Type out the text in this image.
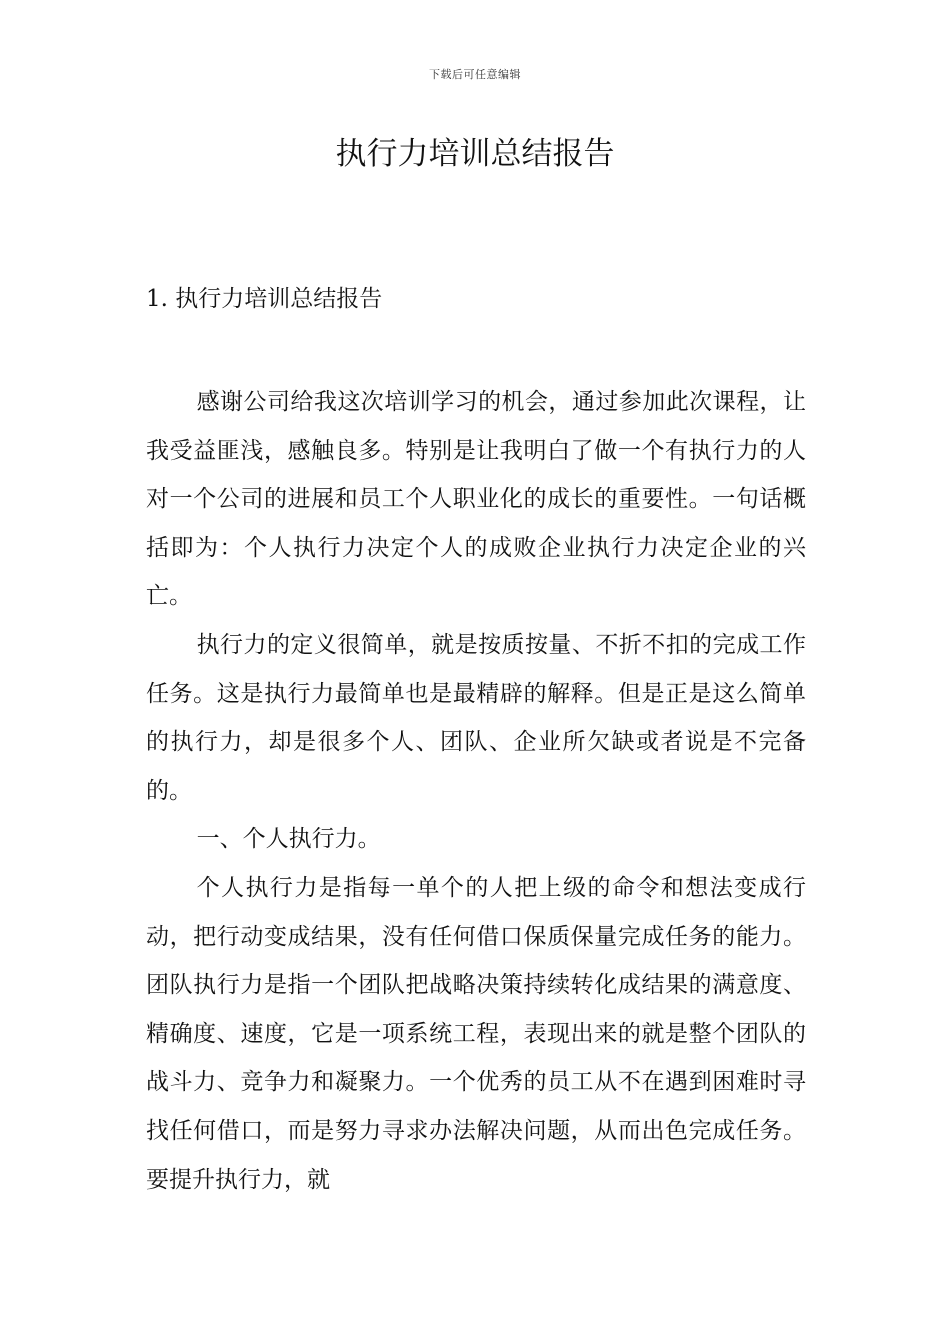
下载后可任意编辑
执行力培训总结报告
1. 执行力培训总结报告

感谢公司给我这次培训学习的机会，通过参加此次课程，让我受益匪浅，感触良多。特别是让我明白了做一个有执行力的人对一个公司的进展和员工个人职业化的成长的重要性。一句话概括即为：个人执行力决定个人的成败企业执行力决定企业的兴亡。

执行力的定义很简单，就是按质按量、不折不扣的完成工作任务。这是执行力最简单也是最精辟的解释。但是正是这么简单的执行力，却是很多个人、团队、企业所欠缺或者说是不完备的。

一、个人执行力。

个人执行力是指每一单个的人把上级的命令和想法变成行动，把行动变成结果，没有任何借口保质保量完成任务的能力。团队执行力是指一个团队把战略决策持续转化成结果的满意度、精确度、速度，它是一项系统工程，表现出来的就是整个团队的战斗力、竞争力和凝聚力。一个优秀的员工从不在遇到困难时寻找任何借口，而是努力寻求办法解决问题，从而出色完成任务。要提升执行力，就
